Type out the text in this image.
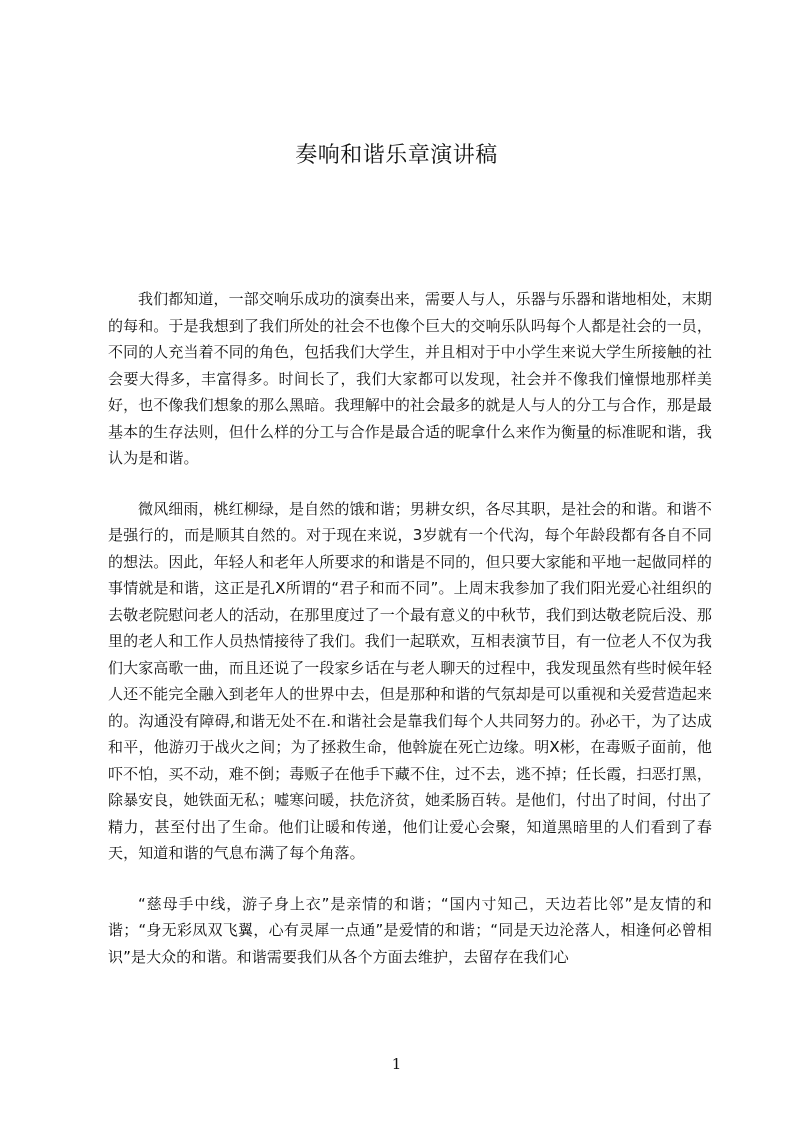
奏响和谐乐章演讲稿

我们都知道，一部交响乐成功的演奏出来，需要人与人，乐器与乐器和谐地相处，末期的每和。于是我想到了我们所处的社会不也像个巨大的交响乐队吗每个人都是社会的一员，不同的人充当着不同的角色，包括我们大学生，并且相对于中小学生来说大学生所接触的社会要大得多，丰富得多。时间长了，我们大家都可以发现，社会并不像我们憧憬地那样美好，也不像我们想象的那么黑暗。我理解中的社会最多的就是人与人的分工与合作，那是最基本的生存法则，但什么样的分工与合作是最合适的昵拿什么来作为衡量的标准昵和谐，我认为是和谐。

微风细雨，桃红柳绿，是自然的饿和谐；男耕女织，各尽其职，是社会的和谐。和谐不是强行的，而是顺其自然的。对于现在来说，3岁就有一个代沟，每个年龄段都有各自不同的想法。因此，年轻人和老年人所要求的和谐是不同的，但只要大家能和平地一起做同样的事情就是和谐，这正是孔X所谓的“君子和而不同”。上周末我参加了我们阳光爱心社组织的去敬老院慰问老人的活动，在那里度过了一个最有意义的中秋节，我们到达敬老院后没、那里的老人和工作人员热情接待了我们。我们一起联欢，互相表演节目，有一位老人不仅为我们大家高歌一曲，而且还说了一段家乡话在与老人聊天的过程中，我发现虽然有些时候年轻人还不能完全融入到老年人的世界中去，但是那种和谐的气氛却是可以重视和关爱营造起来的。沟通没有障碍,和谐无处不在.和谐社会是靠我们每个人共同努力的。孙必干，为了达成和平，他游刃于战火之间；为了拯救生命，他斡旋在死亡边缘。明X彬，在毒贩子面前，他吓不怕，买不动，难不倒；毒贩子在他手下藏不住，过不去，逃不掉；任长霞，扫恶打黑，除暴安良，她铁面无私；嘘寒问暖，扶危济贫，她柔肠百转。是他们，付出了时间，付出了精力，甚至付出了生命。他们让暖和传递，他们让爱心会聚，知道黑暗里的人们看到了春天，知道和谐的气息布满了每个角落。

“慈母手中线，游子身上衣”是亲情的和谐；“国内寸知己，天边若比邻”是友情的和谐；“身无彩凤双飞翼，心有灵犀一点通”是爱情的和谐；“同是天边沦落人，相逢何必曾相识”是大众的和谐。和谐需要我们从各个方面去维护，去留存在我们心

1
